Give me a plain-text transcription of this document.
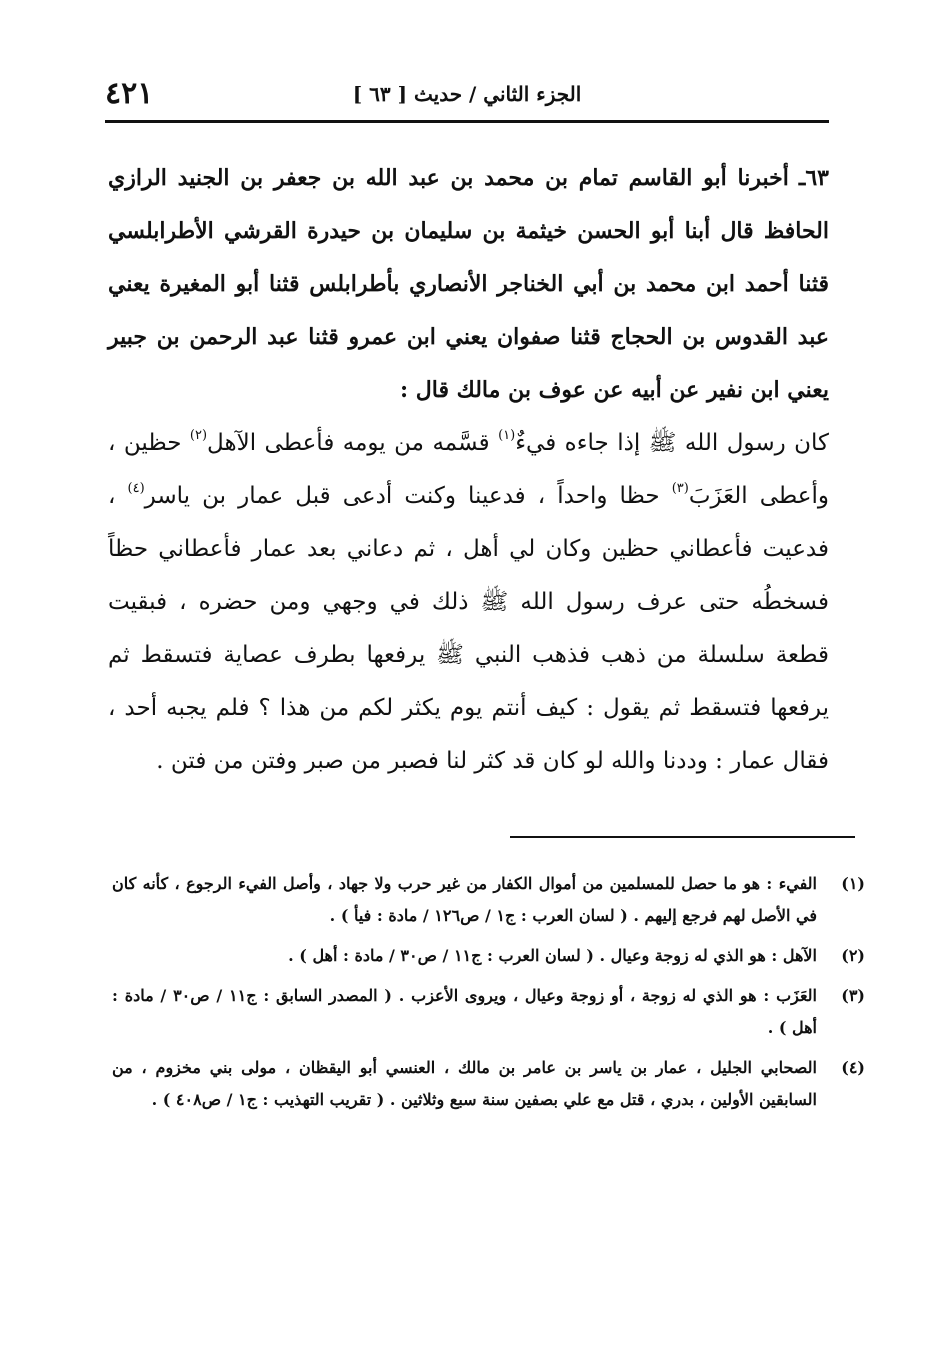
الجزء الثاني / حديث [ ٦٣ ]
٤٢١
٦٣ـ أخبرنا أبو القاسم تمام بن محمد بن عبد الله بن جعفر بن الجنيد الرازي الحافظ قال أبنا أبو الحسن خيثمة بن سليمان بن حيدرة القرشي الأطرابلسي قثنا أحمد ابن محمد بن أبي الخناجر الأنصاري بأطرابلس قثنا أبو المغيرة يعني عبد القدوس بن الحجاج قثنا صفوان يعني ابن عمرو قثنا عبد الرحمن بن جبير يعني ابن نفير عن أبيه عن عوف بن مالك قال :
كان رسول الله ﷺ إذا جاءه فيءٌ$^{(١)}$ قسَّمه من يومه فأعطى الآهل$^{(٢)}$ حظين ، وأعطى العَزَبَ$^{(٣)}$ حظا واحداً ، فدعينا وكنت أدعى قبل عمار بن ياسر$^{(٤)}$ ، فدعيت فأعطاني حظين وكان لي أهل ، ثم دعاني بعد عمار فأعطاني حظاً فسخطُه حتى عرف رسول الله ﷺ ذلك في وجهي ومن حضره ، فبقيت قطعة سلسلة من ذهب فذهب النبي ﷺ يرفعها بطرف عصاية فتسقط ثم يرفعها فتسقط ثم يقول : كيف أنتم يوم يكثر لكم من هذا ؟ فلم يجبه أحد ، فقال عمار : وددنا والله لو كان قد كثر لنا فصبر من صبر وفتن من فتن .
(١)
الفيء : هو ما حصل للمسلمين من أموال الكفار من غير حرب ولا جهاد ، وأصل الفيء الرجوع ، كأنه كان في الأصل لهم فرجع إليهم . ( لسان العرب : ج١ / ص١٢٦ / مادة : فيأ ) .
(٢)
الآهل : هو الذي له زوجة وعيال . ( لسان العرب : ج١١ / ص٣٠ / مادة : أهل ) .
(٣)
العَزَب : هو الذي له زوجة ، أو زوجة وعيال ، ويروى الأعزب . ( المصدر السابق : ج١١ / ص٣٠ / مادة : أهل ) .
(٤)
الصحابي الجليل ، عمار بن ياسر بن عامر بن مالك ، العنسي أبو اليقظان ، مولى بني مخزوم ، من السابقين الأولين ، بدري ، قتل مع علي بصفين سنة سبع وثلاثين . ( تقريب التهذيب : ج١ / ص٤٠٨ ) .
